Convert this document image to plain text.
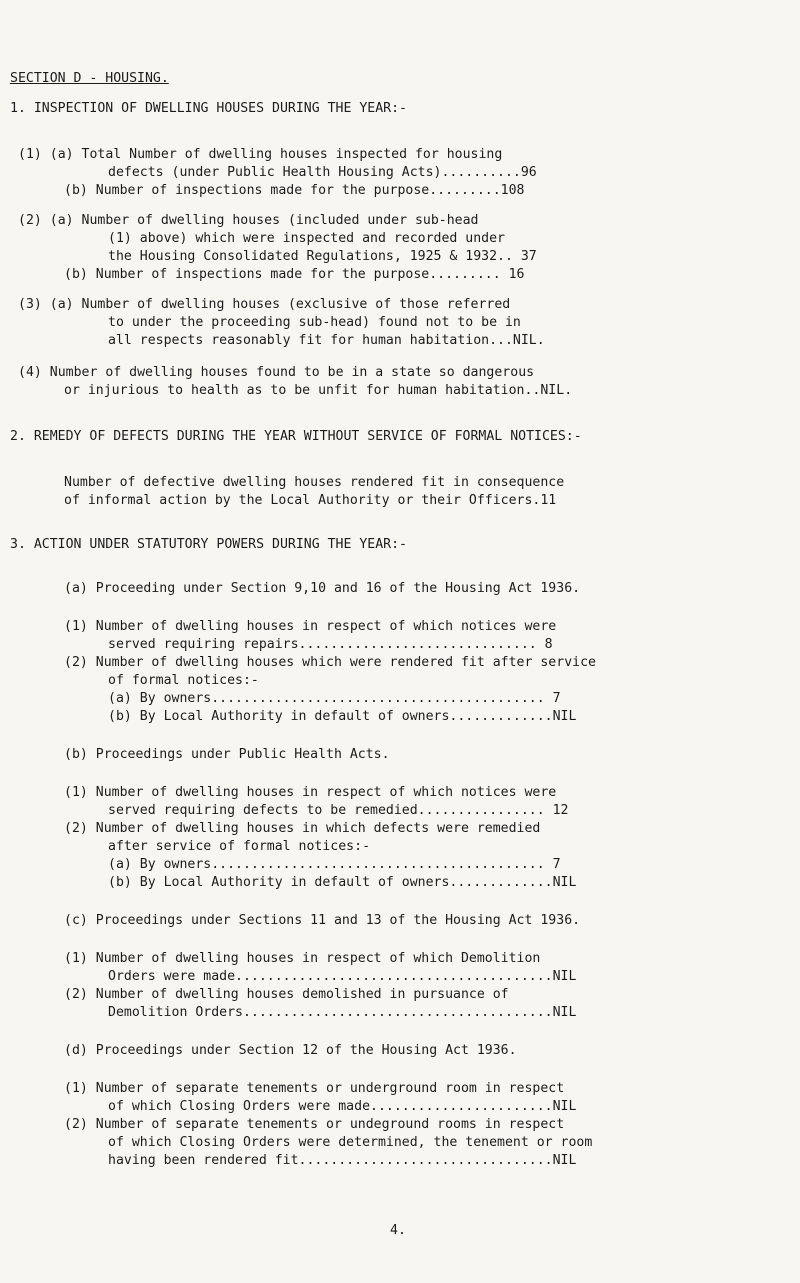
SECTION D - HOUSING.
1. INSPECTION OF DWELLING HOUSES DURING THE YEAR:-
(1) (a) Total Number of dwelling houses inspected for housing
defects (under Public Health Housing Acts)..........96
(b) Number of inspections made for the purpose.........108
(2) (a) Number of dwelling houses (included under sub-head
(1) above) which were inspected and recorded under
the Housing Consolidated Regulations, 1925 & 1932.. 37
(b) Number of inspections made for the purpose......... 16
(3) (a) Number of dwelling houses (exclusive of those referred
to under the proceeding sub-head) found not to be in
all respects reasonably fit for human habitation...NIL.
(4) Number of dwelling houses found to be in a state so dangerous
or injurious to health as to be unfit for human habitation..NIL.
2. REMEDY OF DEFECTS DURING THE YEAR WITHOUT SERVICE OF FORMAL NOTICES:-
Number of defective dwelling houses rendered fit in consequence
of informal action by the Local Authority or their Officers.11
3. ACTION UNDER STATUTORY POWERS DURING THE YEAR:-
(a) Proceeding under Section 9,10 and 16 of the Housing Act 1936.
(1) Number of dwelling houses in respect of which notices were
served requiring repairs.............................. 8
(2) Number of dwelling houses which were rendered fit after service
of formal notices:-
(a) By owners.......................................... 7
(b) By Local Authority in default of owners.............NIL
(b) Proceedings under Public Health Acts.
(1) Number of dwelling houses in respect of which notices were
served requiring defects to be remedied................ 12
(2) Number of dwelling houses in which defects were remedied
after service of formal notices:-
(a) By owners.......................................... 7
(b) By Local Authority in default of owners.............NIL
(c) Proceedings under Sections 11 and 13 of the Housing Act 1936.
(1) Number of dwelling houses in respect of which Demolition
Orders were made........................................NIL
(2) Number of dwelling houses demolished in pursuance of
Demolition Orders.......................................NIL
(d) Proceedings under Section 12 of the Housing Act 1936.
(1) Number of separate tenements or underground room in respect
of which Closing Orders were made.......................NIL
(2) Number of separate tenements or undeground rooms in respect
of which Closing Orders were determined, the tenement or room
having been rendered fit................................NIL
4.
